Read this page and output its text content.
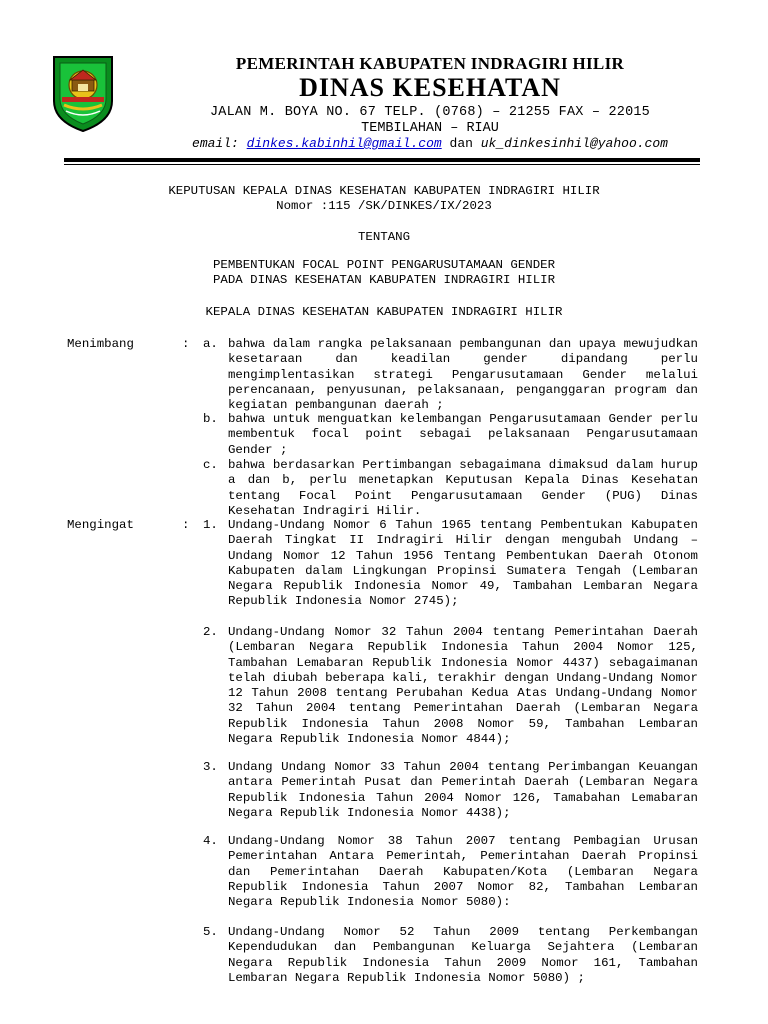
PEMERINTAH KABUPATEN INDRAGIRI HILIR
DINAS KESEHATAN
JALAN M. BOYA NO. 67 TELP. (0768) – 21255 FAX – 22015
TEMBILAHAN – RIAU
email: dinkes.kabinhil@gmail.com dan uk_dinkesinhil@yahoo.com
KEPUTUSAN KEPALA DINAS KESEHATAN KABUPATEN INDRAGIRI HILIR
Nomor :115 /SK/DINKES/IX/2023
TENTANG
PEMBENTUKAN FOCAL POINT PENGARUSUTAMAAN GENDER
PADA DINAS KESEHATAN KABUPATEN INDRAGIRI HILIR
KEPALA DINAS KESEHATAN KABUPATEN INDRAGIRI HILIR
Menimbang	: a. bahwa dalam rangka pelaksanaan pembangunan dan upaya mewujudkan kesetaraan dan keadilan gender dipandang perlu mengimplentasikan strategi Pengarusutamaan Gender melalui perencanaan, penyusunan, pelaksanaan, penganggaran program dan kegiatan pembangunan daerah ;
b. bahwa untuk menguatkan kelembangan Pengarusutamaan Gender perlu membentuk focal point sebagai pelaksanaan Pengarusutamaan Gender ;
c. bahwa berdasarkan Pertimbangan sebagaimana dimaksud dalam hurup a dan b, perlu menetapkan Keputusan Kepala Dinas Kesehatan tentang Focal Point Pengarusutamaan Gender (PUG) Dinas Kesehatan Indragiri Hilir.
Mengingat	: 1. Undang-Undang Nomor 6 Tahun 1965 tentang Pembentukan Kabupaten Daerah Tingkat II Indragiri Hilir dengan mengubah Undang – Undang Nomor 12 Tahun 1956 Tentang Pembentukan Daerah Otonom Kabupaten dalam Lingkungan Propinsi Sumatera Tengah (Lembaran Negara Republik Indonesia Nomor 49, Tambahan Lembaran Negara Republik Indonesia Nomor 2745);
2. Undang-Undang Nomor 32 Tahun 2004 tentang Pemerintahan Daerah (Lembaran Negara Republik Indonesia Tahun 2004 Nomor 125, Tambahan Lemabaran Republik Indonesia Nomor 4437) sebagaimanan telah diubah beberapa kali, terakhir dengan Undang-Undang Nomor 12 Tahun 2008 tentang Perubahan Kedua Atas Undang-Undang Nomor 32 Tahun 2004 tentang Pemerintahan Daerah (Lembaran Negara Republik Indonesia Tahun 2008 Nomor 59, Tambahan Lembaran Negara Republik Indonesia Nomor 4844);
3. Undang Undang Nomor 33 Tahun 2004 tentang Perimbangan Keuangan antara Pemerintah Pusat dan Pemerintah Daerah (Lembaran Negara Republik Indonesia Tahun 2004 Nomor 126, Tamabahan Lemabaran Negara Republik Indonesia Nomor 4438);
4. Undang-Undang Nomor 38 Tahun 2007 tentang Pembagian Urusan Pemerintahan Antara Pemerintah, Pemerintahan Daerah Propinsi dan Pemerintahan Daerah Kabupaten/Kota (Lembaran Negara Republik Indonesia Tahun 2007 Nomor 82, Tambahan Lembaran Negara Republik Indonesia Nomor 5080):
5. Undang-Undang Nomor 52 Tahun 2009 tentang Perkembangan Kependudukan dan Pembangunan Keluarga Sejahtera (Lembaran Negara Republik Indonesia Tahun 2009 Nomor 161, Tambahan Lembaran Negara Republik Indonesia Nomor 5080) ;
